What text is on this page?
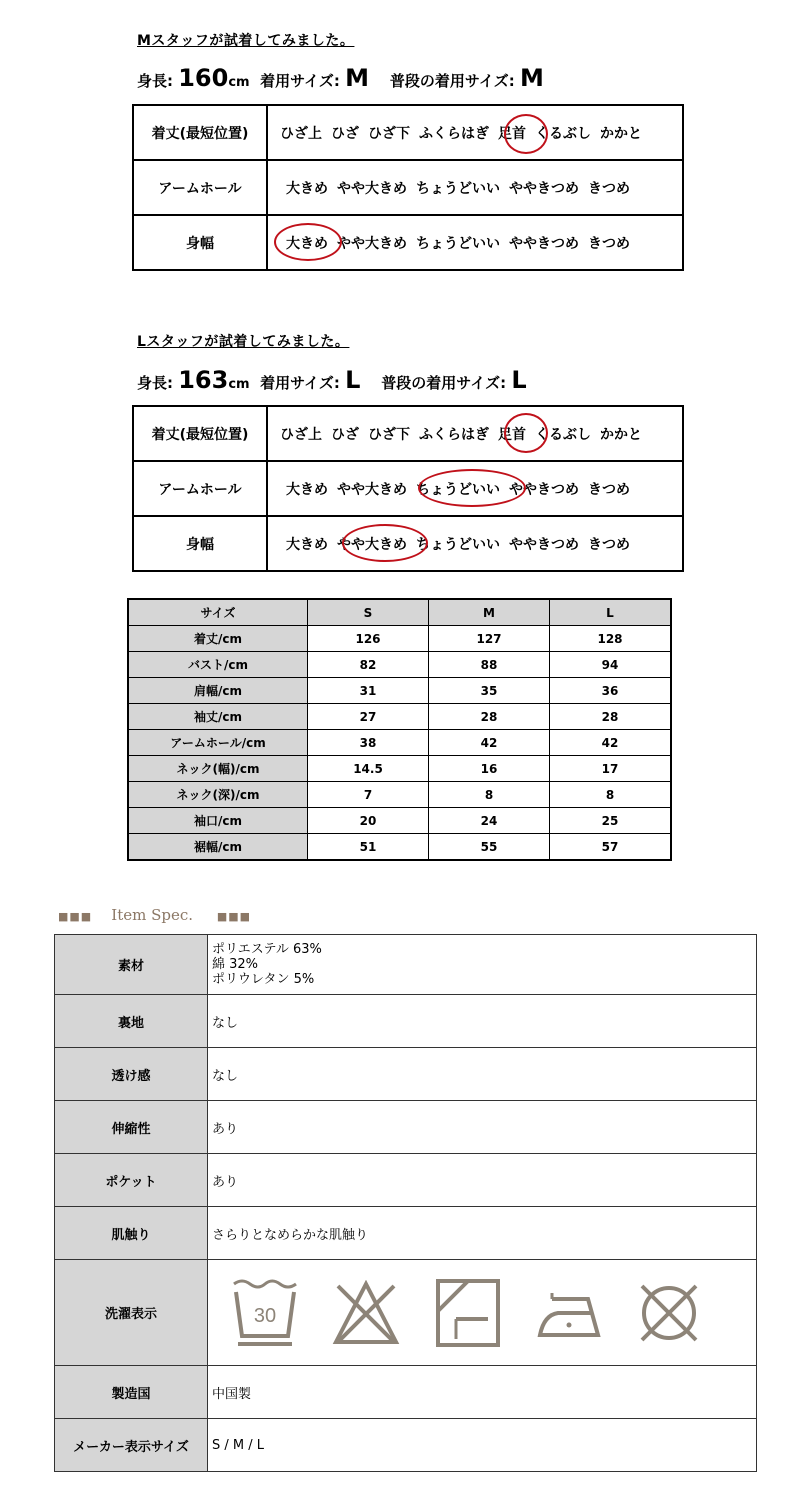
Mスタッフが試着してみました。
身長: 160cm 着用サイズ: M 普段の着用サイズ: M
着丈(最短位置)	ひざ上 ひざ ひざ下 ふくらはぎ 足首 くるぶし かかと
アームホール	大きめ やや大きめ ちょうどいい ややきつめ きつめ
身幅	大きめ やや大きめ ちょうどいい ややきつめ きつめ
Lスタッフが試着してみました。
身長: 163cm 着用サイズ: L 普段の着用サイズ: L
着丈(最短位置)	ひざ上 ひざ ひざ下 ふくらはぎ 足首 くるぶし かかと
アームホール	大きめ やや大きめ ちょうどいい ややきつめ きつめ
身幅	大きめ やや大きめ ちょうどいい ややきつめ きつめ
サイズ	S	M	L
着丈/cm	126	127	128
バスト/cm	82	88	94
肩幅/cm	31	35	36
袖丈/cm	27	28	28
アームホール/cm	38	42	42
ネック(幅)/cm	14.5	16	17
ネック(深)/cm	7	8	8
袖口/cm	20	24	25
裾幅/cm	51	55	57
■■■ Item Spec. ■■■
素材	ポリエステル 63%
綿 32%
ポリウレタン 5%

裏地	なし
透け感	なし
伸縮性	あり
ポケット	あり
肌触り	さらりとなめらかな肌触り
洗濯表示	30

製造国	中国製
メーカー表示サイズ	S / M / L
